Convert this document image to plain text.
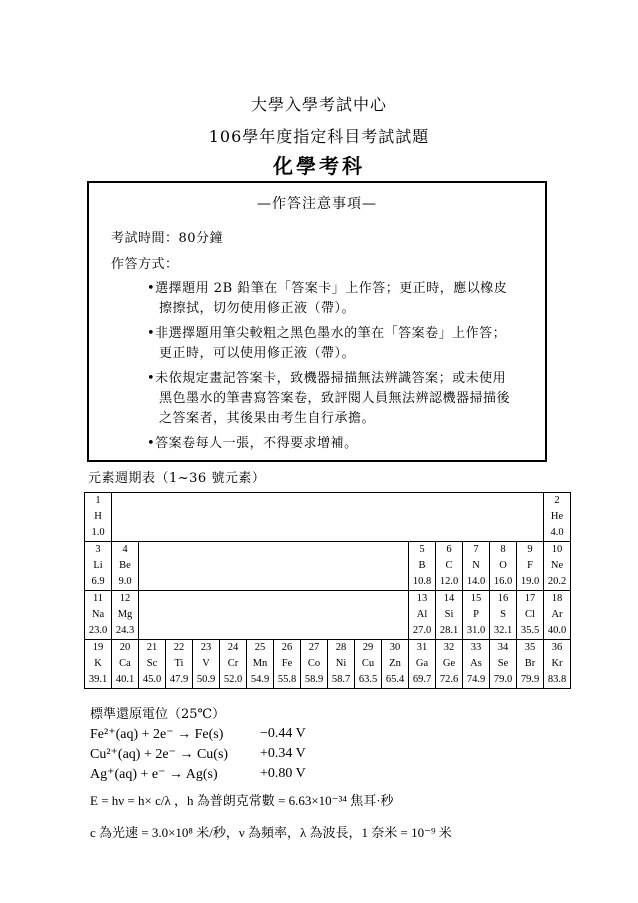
大學入學考試中心
106學年度指定科目考試試題
化學考科
—作答注意事項—
考試時間：80分鐘
作答方式：
•選擇題用 2B 鉛筆在「答案卡」上作答；更正時，應以橡皮
擦擦拭，切勿使用修正液（帶）。
•非選擇題用筆尖較粗之黑色墨水的筆在「答案卷」上作答；
更正時，可以使用修正液（帶）。
•未依規定畫記答案卡，致機器掃描無法辨識答案；或未使用
黑色墨水的筆書寫答案卷，致評閱人員無法辨認機器掃描後
之答案者，其後果由考生自行承擔。
•答案卷每人一張，不得要求增補。
元素週期表（1~36 號元素）
1
H
1.0																	2
He
4.0

3
Li
6.9	4
Be
9.0											5
B
10.8	6
C
12.0	7
N
14.0	8
O
16.0	9
F
19.0	10
Ne
20.2

11
Na
23.0	12
Mg
24.3											13
Al
27.0	14
Si
28.1	15
P
31.0	16
S
32.1	17
Cl
35.5	18
Ar
40.0

19
K
39.1	20
Ca
40.1	21
Sc
45.0	22
Ti
47.9	23
V
50.9	24
Cr
52.0	25
Mn
54.9	26
Fe
55.8	27
Co
58.9	28
Ni
58.7	29
Cu
63.5	30
Zn
65.4	31
Ga
69.7	32
Ge
72.6	33
As
74.9	34
Se
79.0	35
Br
79.9	36
Kr
83.8
標準還原電位（25℃）
Fe²⁺(aq) + 2e⁻ → Fe(s)	−0.44 V
Cu²⁺(aq) + 2e⁻ → Cu(s) +0.34 V
Ag⁺(aq) + e⁻ → Ag(s)	+0.80 V
E = hν = h× c/λ ，h 為普朗克常數 = 6.63×10⁻³⁴ 焦耳·秒
c 為光速 = 3.0×10⁸ 米/秒，ν 為頻率，λ 為波長，1 奈米 = 10⁻⁹ 米
